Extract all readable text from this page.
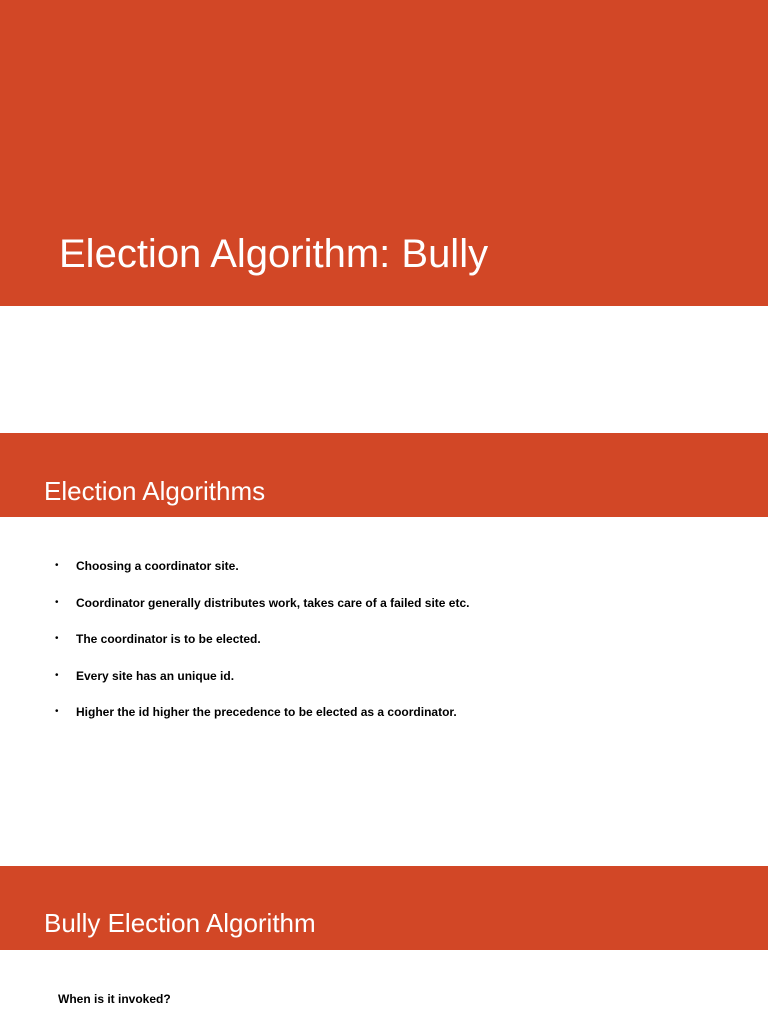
Election Algorithm: Bully
Election Algorithms
•	Choosing a coordinator site.
•	Coordinator generally distributes work, takes care of a failed site etc.
•	The coordinator is to be elected.
•	Every site has an unique id.
•	Higher the id higher the precedence to be elected as a coordinator.
Bully Election Algorithm

When is it invoked?
